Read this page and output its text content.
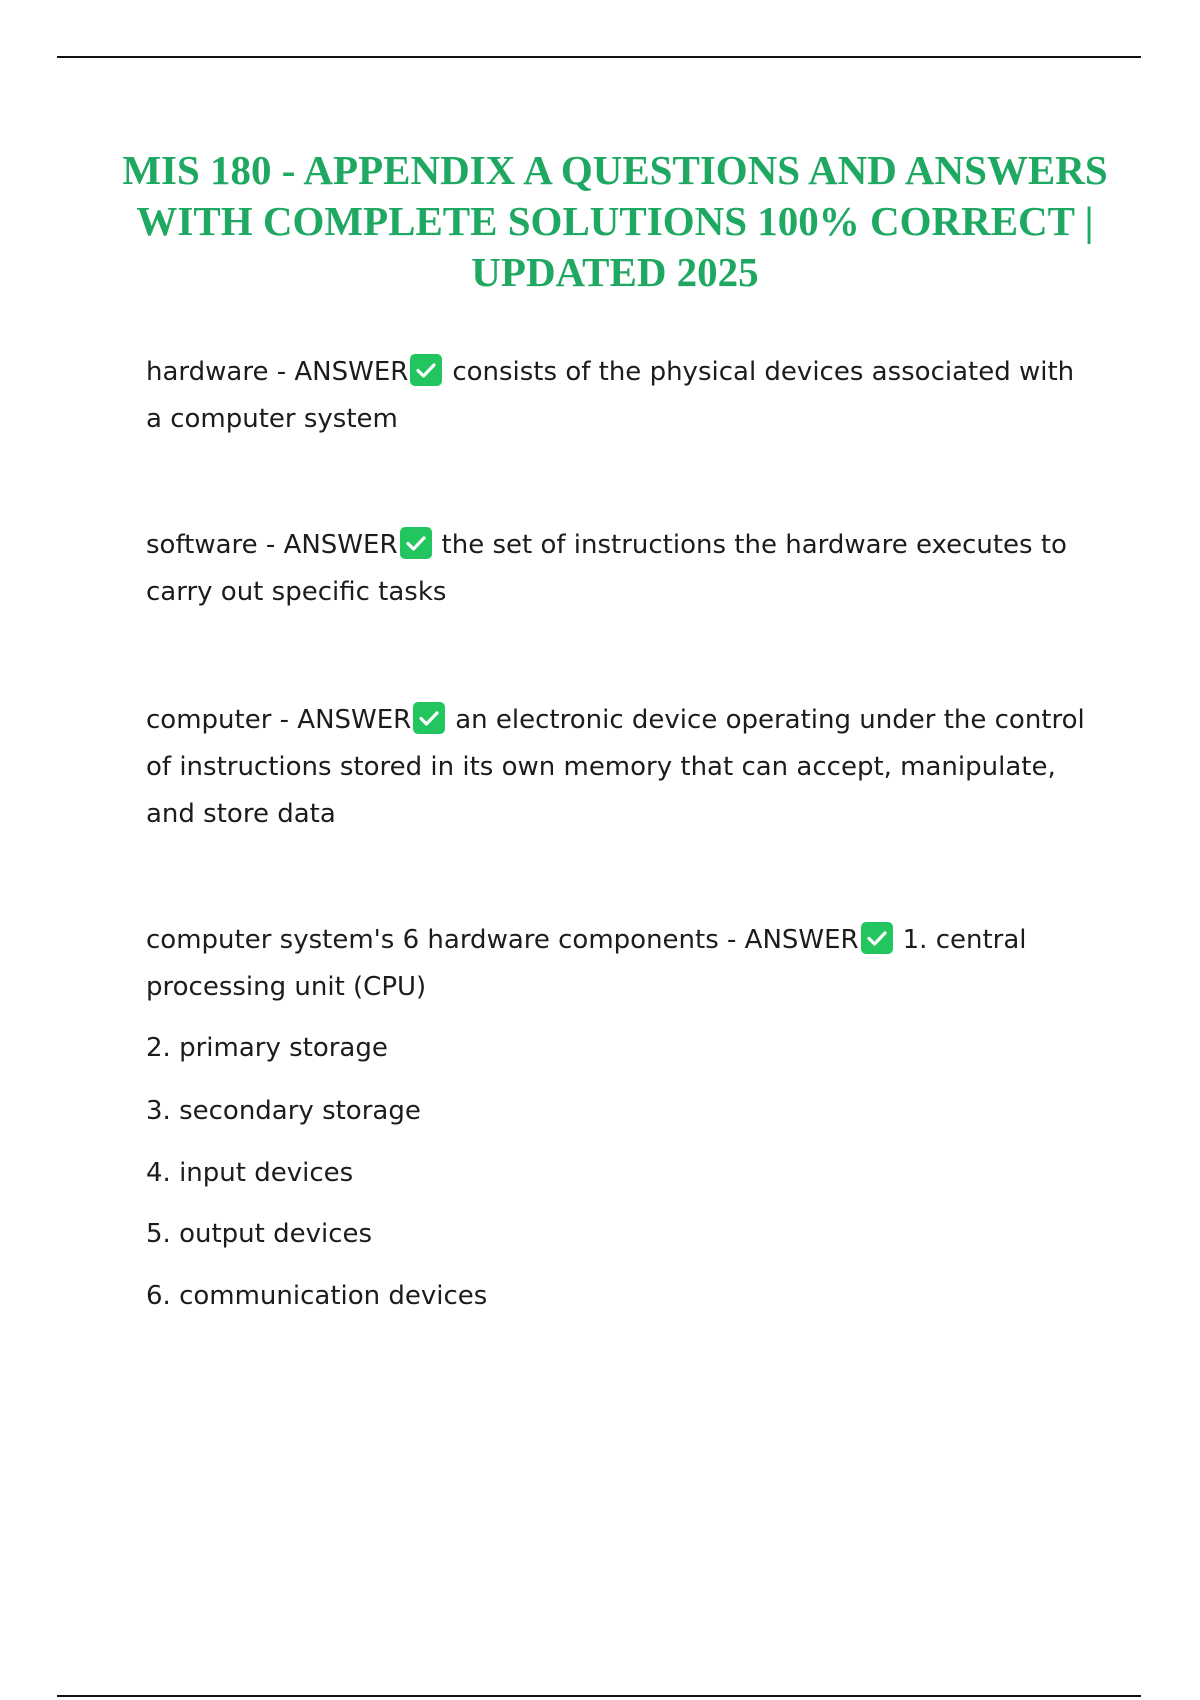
MIS 180 - APPENDIX A QUESTIONS AND ANSWERS WITH COMPLETE SOLUTIONS 100% CORRECT | UPDATED 2025

hardware - ANSWER consists of the physical devices associated with a computer system

software - ANSWER the set of instructions the hardware executes to carry out specific tasks

computer - ANSWER an electronic device operating under the control of instructions stored in its own memory that can accept, manipulate, and store data

computer system's 6 hardware components - ANSWER 1. central processing unit (CPU)

2. primary storage

3. secondary storage

4. input devices

5. output devices

6. communication devices
